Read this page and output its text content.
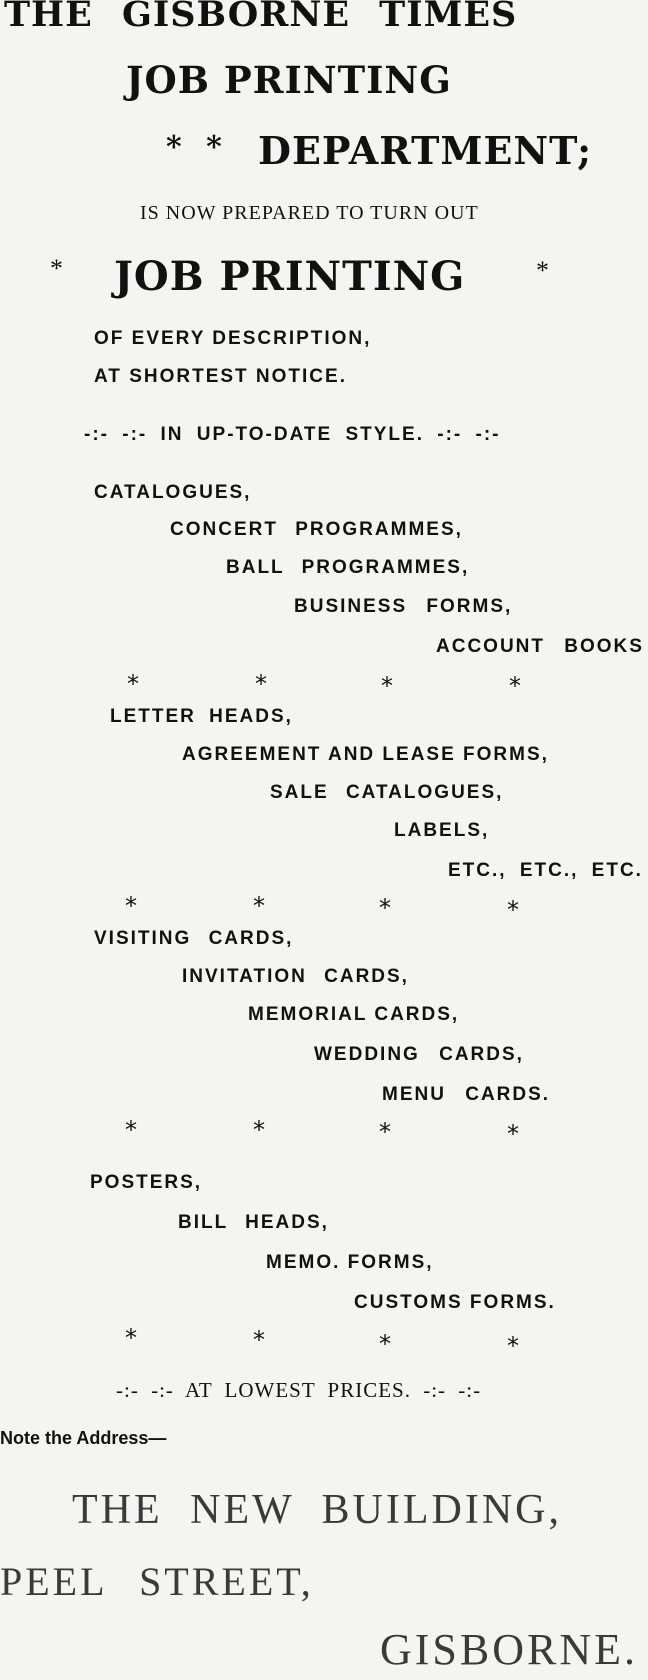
THE GISBORNE TIMES
JOB PRINTING
* * DEPARTMENT;
IS NOW PREPARED TO TURN OUT
* JOB PRINTING	*
OF EVERY DESCRIPTION,
AT SHORTEST NOTICE.
-:- -:- IN UP-TO-DATE STYLE. -:- -:-
CATALOGUES,
CONCERT PROGRAMMES,
BALL PROGRAMMES,
BUSINESS FORMS,
ACCOUNT BOOKS
*	*	*	*
LETTER HEADS,
AGREEMENT AND LEASE FORMS,
SALE CATALOGUES,
LABELS,
ETC., ETC., ETC.
*	*	*	*
VISITING CARDS,
INVITATION CARDS,
MEMORIAL CARDS,
WEDDING CARDS,
MENU CARDS.
*	*	*	*
POSTERS,
BILL HEADS,
MEMO. FORMS,
CUSTOMS FORMS.
*	*	*	*
-:- -:- AT LOWEST PRICES. -:- -:-
Note the Address—
THE NEW BUILDING,
PEEL STREET,
GISBORNE.
